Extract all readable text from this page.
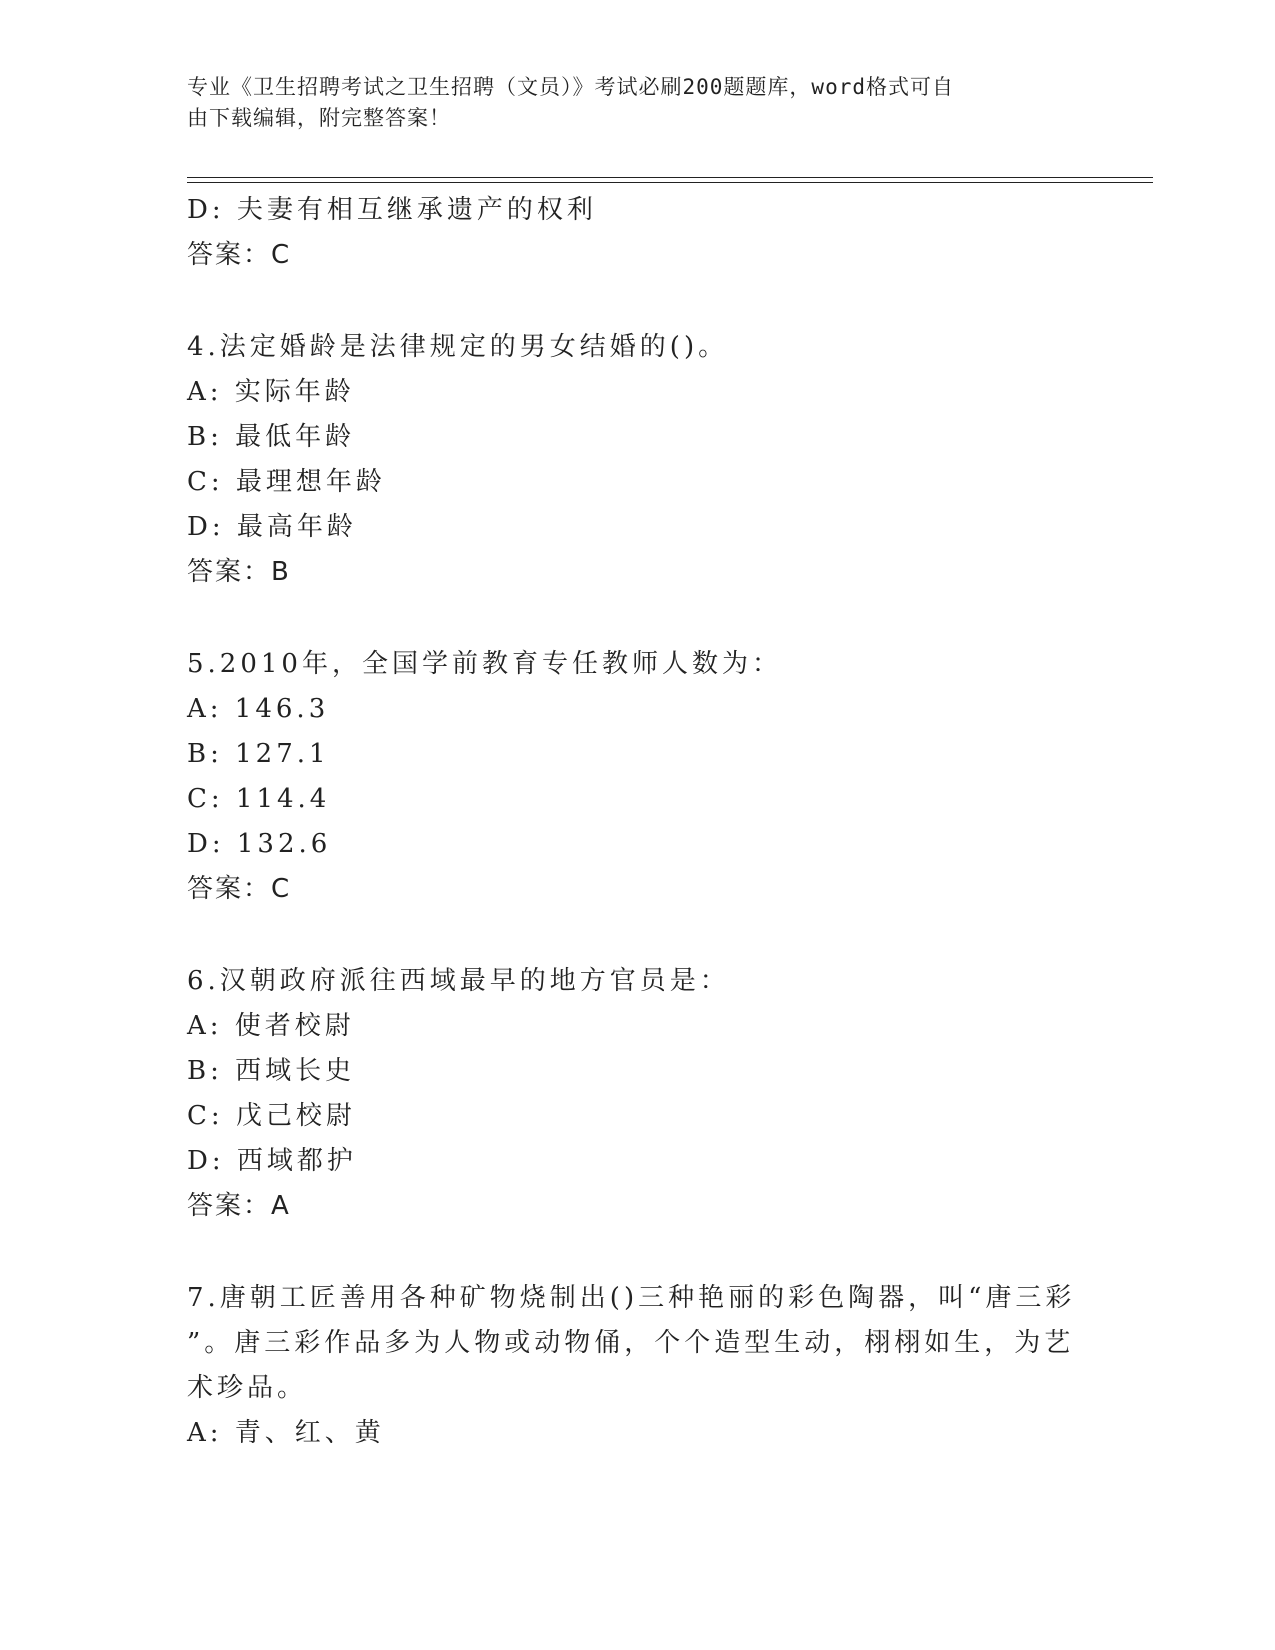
专业《卫生招聘考试之卫生招聘（文员）》考试必刷200题题库，word格式可自
由下载编辑，附完整答案！
D: 夫妻有相互继承遗产的权利
答案：C
4.法定婚龄是法律规定的男女结婚的()。
A: 实际年龄
B: 最低年龄
C: 最理想年龄
D: 最高年龄
答案：B
5.2010年，全国学前教育专任教师人数为：
A: 146.3
B: 127.1
C: 114.4
D: 132.6
答案：C
6.汉朝政府派往西域最早的地方官员是：
A: 使者校尉
B: 西域长史
C: 戊己校尉
D: 西域都护
答案：A
7.唐朝工匠善用各种矿物烧制出()三种艳丽的彩色陶器，叫“唐三彩
”。唐三彩作品多为人物或动物俑，个个造型生动，栩栩如生，为艺
术珍品。
A: 青、红、黄
